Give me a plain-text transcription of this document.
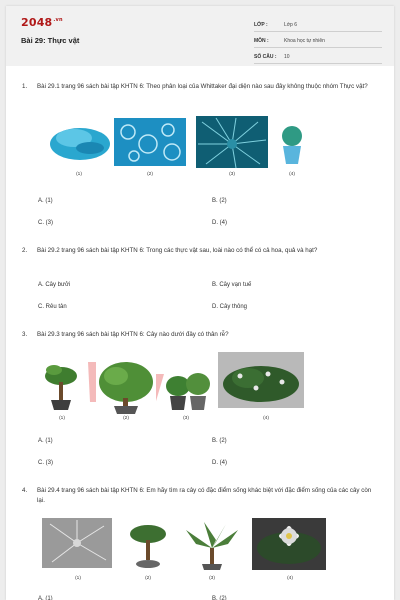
$2048^{.vn}$
Bài 29: Thực vật
LỚP :	Lớp 6
MÔN :	Khoa học tự nhiên
SỐ CÂU : 10
1. Bài 29.1 trang 96 sách bài tập KHTN 6: Theo phân loại của Whittaker đại diện nào sau đây không thuộc nhóm Thực vật?
(1)	(2)	(3)	(4)
A. (1)	B. (2)
C. (3)	D. (4)
2. Bài 29.2 trang 96 sách bài tập KHTN 6: Trong các thực vật sau, loài nào có thể có cả hoa, quả và hạt?
A. Cây bưởi	B. Cây vạn tuế
C. Rêu tản	D. Cây thông
3. Bài 29.3 trang 96 sách bài tập KHTN 6: Cây nào dưới đây có thân rễ?
(1)	(2)	(3)	(4)
A. (1)	B. (2)
C. (3)	D. (4)
4. Bài 29.4 trang 96 sách bài tập KHTN 6: Em hãy tìm ra cây có đặc điểm sống khác biệt với đặc điểm sống của các cây còn lại.
(1)	(2)	(3)	(4)
A. (1)	B. (2)
